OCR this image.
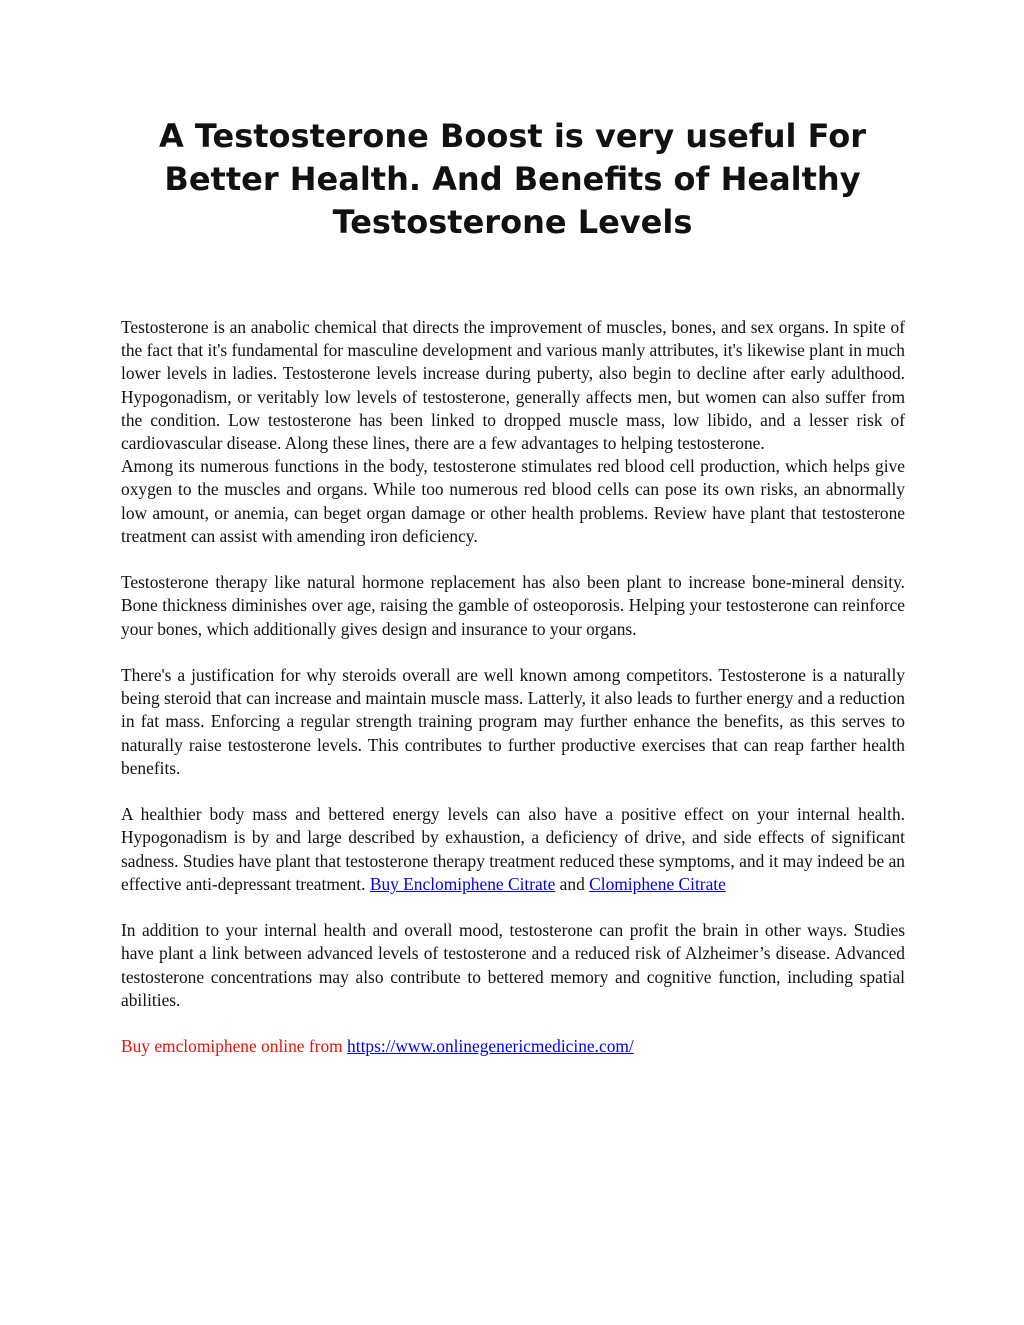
A Testosterone Boost is very useful For Better Health. And Benefits of Healthy Testosterone Levels

Testosterone is an anabolic chemical that directs the improvement of muscles, bones, and sex organs. In spite of the fact that it's fundamental for masculine development and various manly attributes, it's likewise plant in much lower levels in ladies. Testosterone levels increase during puberty, also begin to decline after early adulthood. Hypogonadism, or veritably low levels of testosterone, generally affects men, but women can also suffer from the condition. Low testosterone has been linked to dropped muscle mass, low libido, and a lesser risk of cardiovascular disease. Along these lines, there are a few advantages to helping testosterone.

Among its numerous functions in the body, testosterone stimulates red blood cell production, which helps give oxygen to the muscles and organs. While too numerous red blood cells can pose its own risks, an abnormally low amount, or anemia, can beget organ damage or other health problems. Review have plant that testosterone treatment can assist with amending iron deficiency.

Testosterone therapy like natural hormone replacement has also been plant to increase bone-mineral density. Bone thickness diminishes over age, raising the gamble of osteoporosis. Helping your testosterone can reinforce your bones, which additionally gives design and insurance to your organs.

There's a justification for why steroids overall are well known among competitors. Testosterone is a naturally being steroid that can increase and maintain muscle mass. Latterly, it also leads to further energy and a reduction in fat mass. Enforcing a regular strength training program may further enhance the benefits, as this serves to naturally raise testosterone levels. This contributes to further productive exercises that can reap farther health benefits.

A healthier body mass and bettered energy levels can also have a positive effect on your internal health. Hypogonadism is by and large described by exhaustion, a deficiency of drive, and side effects of significant sadness. Studies have plant that testosterone therapy treatment reduced these symptoms, and it may indeed be an effective anti-depressant treatment. Buy Enclomiphene Citrate and Clomiphene Citrate

In addition to your internal health and overall mood, testosterone can profit the brain in other ways. Studies have plant a link between advanced levels of testosterone and a reduced risk of Alzheimer’s disease. Advanced testosterone concentrations may also contribute to bettered memory and cognitive function, including spatial abilities.

Buy emclomiphene online from https://www.onlinegenericmedicine.com/
